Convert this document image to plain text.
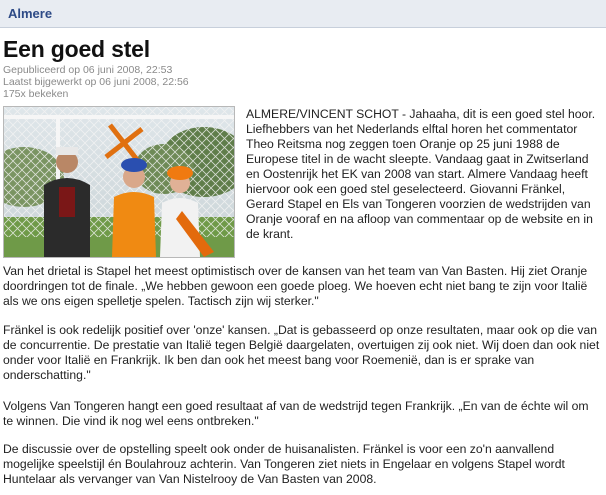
Almere
Een goed stel
Gepubliceerd op 06 juni 2008, 22:53
Laatst bijgewerkt op 06 juni 2008, 22:56
175x bekeken
ALMERE/VINCENT SCHOT - Jahaaha, dit is een goed stel hoor. Liefhebbers van het Nederlands elftal horen het commentator Theo Reitsma nog zeggen toen Oranje op 25 juni 1988 de Europese titel in de wacht sleepte. Vandaag gaat in Zwitserland en Oostenrijk het EK van 2008 van start. Almere Vandaag heeft hiervoor ook een goed stel geselecteerd. Giovanni Fränkel, Gerard Stapel en Els van Tongeren voorzien de wedstrijden van Oranje vooraf en na afloop van commentaar op de website en in de krant.
Van het drietal is Stapel het meest optimistisch over de kansen van het team van Van Basten. Hij ziet Oranje doordringen tot de finale. „We hebben gewoon een goede ploeg. We hoeven echt niet bang te zijn voor Italië als we ons eigen spelletje spelen. Tactisch zijn wij sterker."
Fränkel is ook redelijk positief over 'onze' kansen. „Dat is gebasseerd op onze resultaten, maar ook op die van de concurrentie. De prestatie van Italië tegen België daargelaten, overtuigen zij ook niet. Wij doen dan ook niet onder voor Italië en Frankrijk. Ik ben dan ook het meest bang voor Roemenië, dan is er sprake van onderschatting."
Volgens Van Tongeren hangt een goed resultaat af van de wedstrijd tegen Frankrijk. „En van de échte wil om te winnen. Die vind ik nog wel eens ontbreken."
De discussie over de opstelling speelt ook onder de huisanalisten. Fränkel is voor een zo'n aanvallend mogelijke speelstijl én Boulahrouz achterin. Van Tongeren ziet niets in Engelaar en volgens Stapel wordt Huntelaar als vervanger van Van Nistelrooy de Van Basten van 2008.
